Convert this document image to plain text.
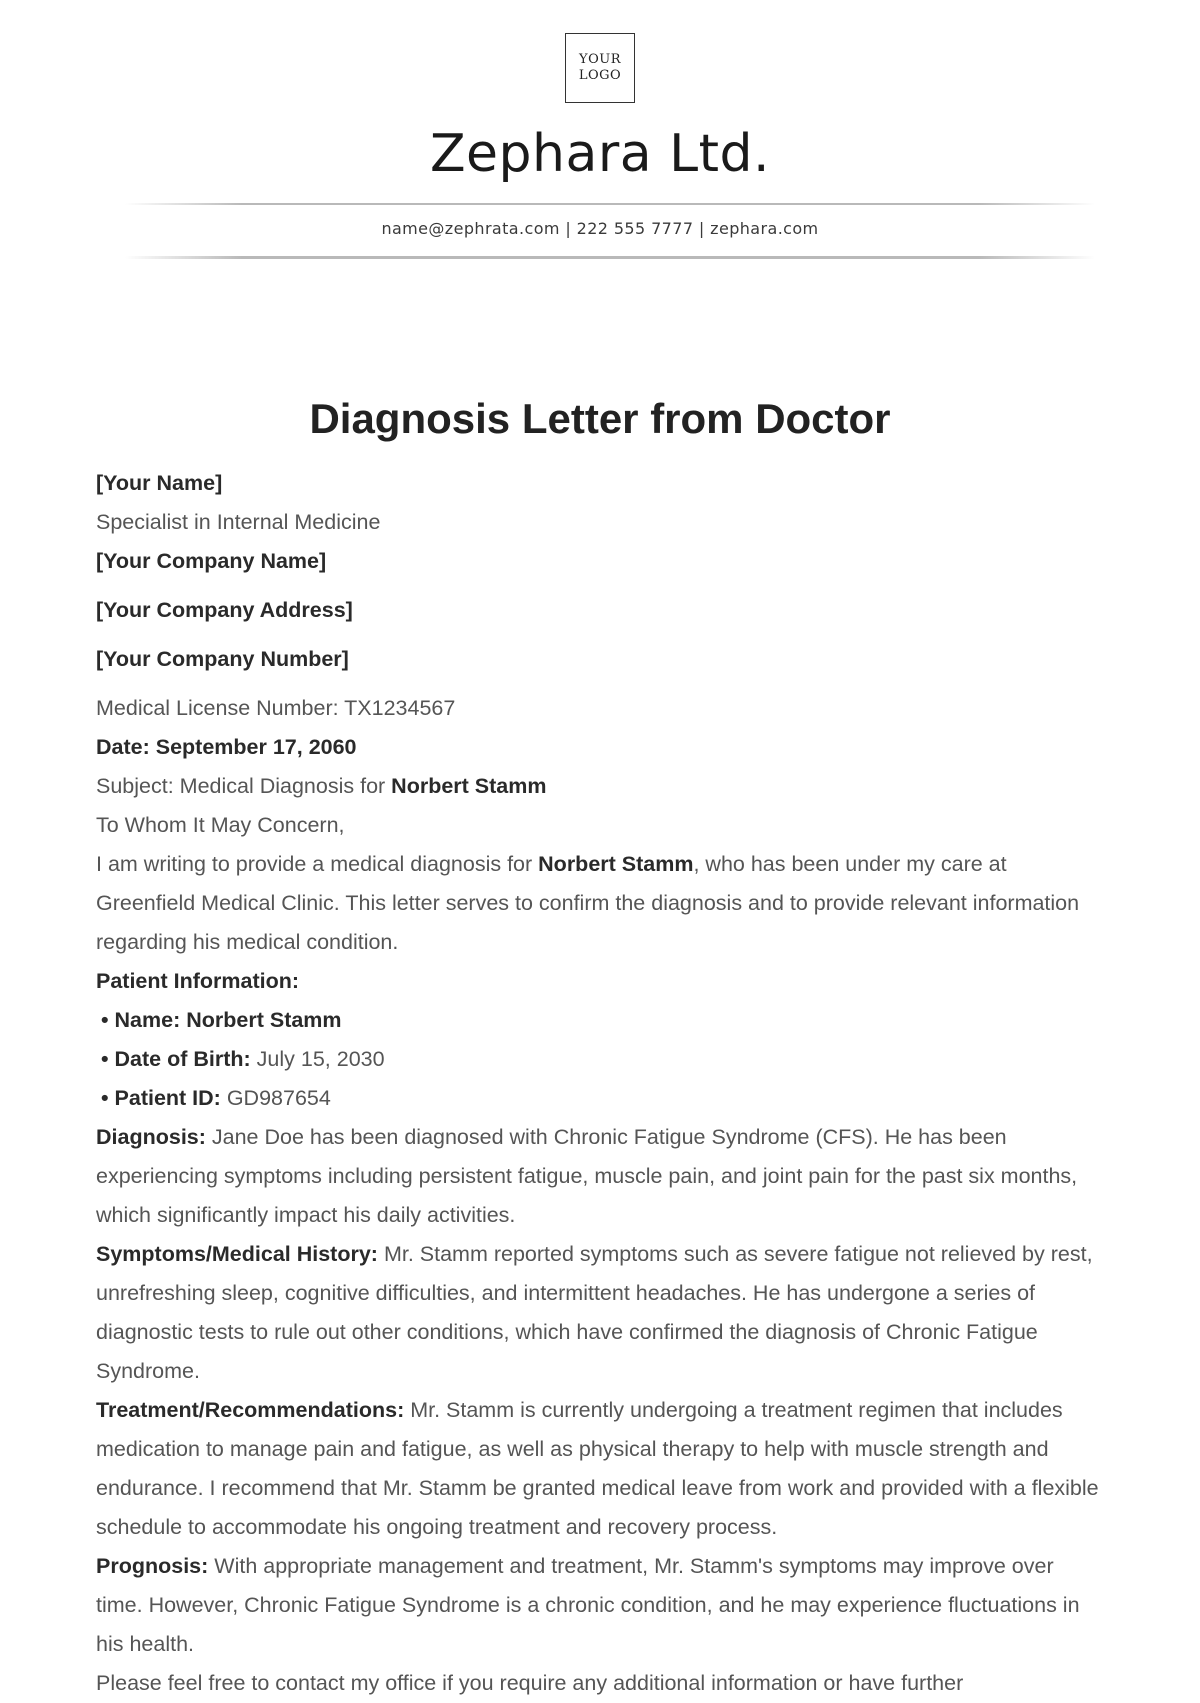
YOUR
LOGO
Zephara Ltd.
name@zephrata.com | 222 555 7777 | zephara.com
Diagnosis Letter from Doctor

[Your Name]

Specialist in Internal Medicine

[Your Company Name]

[Your Company Address]

[Your Company Number]

Medical License Number: TX1234567

Date: September 17, 2060

Subject: Medical Diagnosis for Norbert Stamm

To Whom It May Concern,

I am writing to provide a medical diagnosis for Norbert Stamm, who has been under my care at Greenfield Medical Clinic. This letter serves to confirm the diagnosis and to provide relevant information regarding his medical condition.

Patient Information:

• Name: Norbert Stamm

• Date of Birth: July 15, 2030

• Patient ID: GD987654

Diagnosis: Jane Doe has been diagnosed with Chronic Fatigue Syndrome (CFS). He has been experiencing symptoms including persistent fatigue, muscle pain, and joint pain for the past six months, which significantly impact his daily activities.

Symptoms/Medical History: Mr. Stamm reported symptoms such as severe fatigue not relieved by rest, unrefreshing sleep, cognitive difficulties, and intermittent headaches. He has undergone a series of diagnostic tests to rule out other conditions, which have confirmed the diagnosis of Chronic Fatigue Syndrome.

Treatment/Recommendations: Mr. Stamm is currently undergoing a treatment regimen that includes medication to manage pain and fatigue, as well as physical therapy to help with muscle strength and endurance. I recommend that Mr. Stamm be granted medical leave from work and provided with a flexible schedule to accommodate his ongoing treatment and recovery process.

Prognosis: With appropriate management and treatment, Mr. Stamm's symptoms may improve over time. However, Chronic Fatigue Syndrome is a chronic condition, and he may experience fluctuations in his health.

Please feel free to contact my office if you require any additional information or have further
